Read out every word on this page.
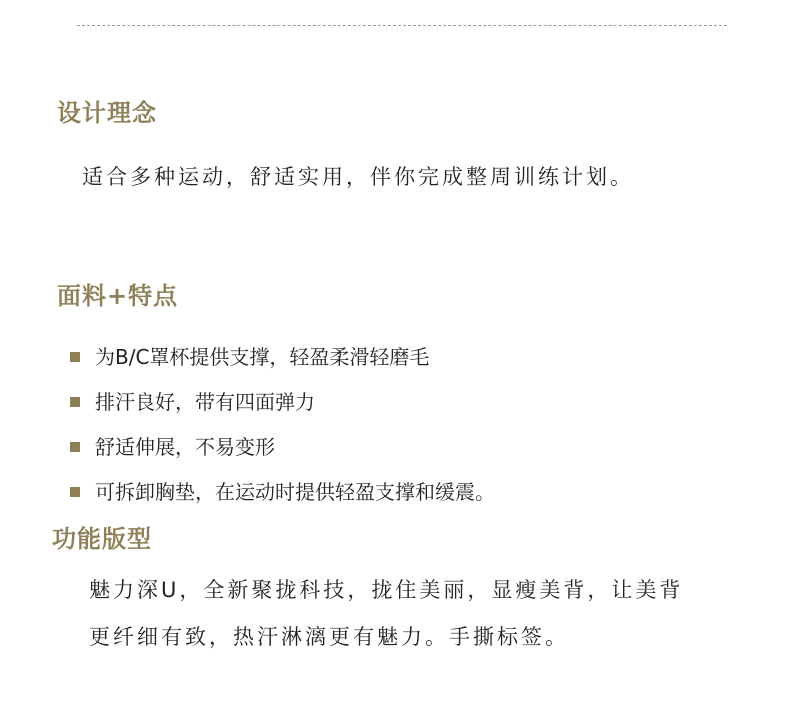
设计理念

适合多种运动，舒适实用，伴你完成整周训练计划。

面料+特点
为B/C罩杯提供支撑，轻盈柔滑轻磨毛
排汗良好，带有四面弹力
舒适伸展，不易变形
可拆卸胸垫，在运动时提供轻盈支撑和缓震。
功能版型

魅力深U，全新聚拢科技，拢住美丽，显瘦美背，让美背

更纤细有致，热汗淋漓更有魅力。手撕标签。
